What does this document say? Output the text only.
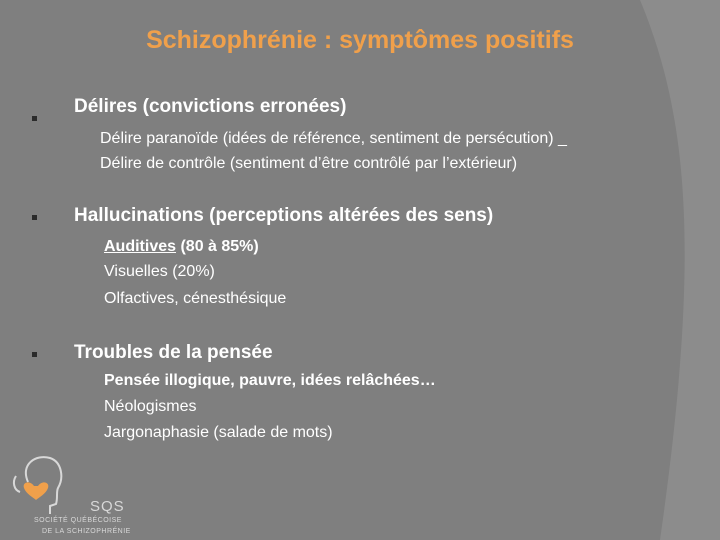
Schizophrénie : symptômes positifs
Délires (convictions erronées)
Délire paranoïde (idées de référence, sentiment de persécution) _
Délire de contrôle (sentiment d’être contrôlé par l’extérieur)
Hallucinations (perceptions altérées des sens)
Auditives (80 à 85%)
Visuelles (20%)
Olfactives, cénesthésique
Troubles de la pensée
Pensée illogique, pauvre, idées relâchées…
Néologismes
Jargonaphasie (salade de mots)
SQS
SOCIÉTÉ QUÉBÉCOISE
DE LA SCHIZOPHRÉNIE
